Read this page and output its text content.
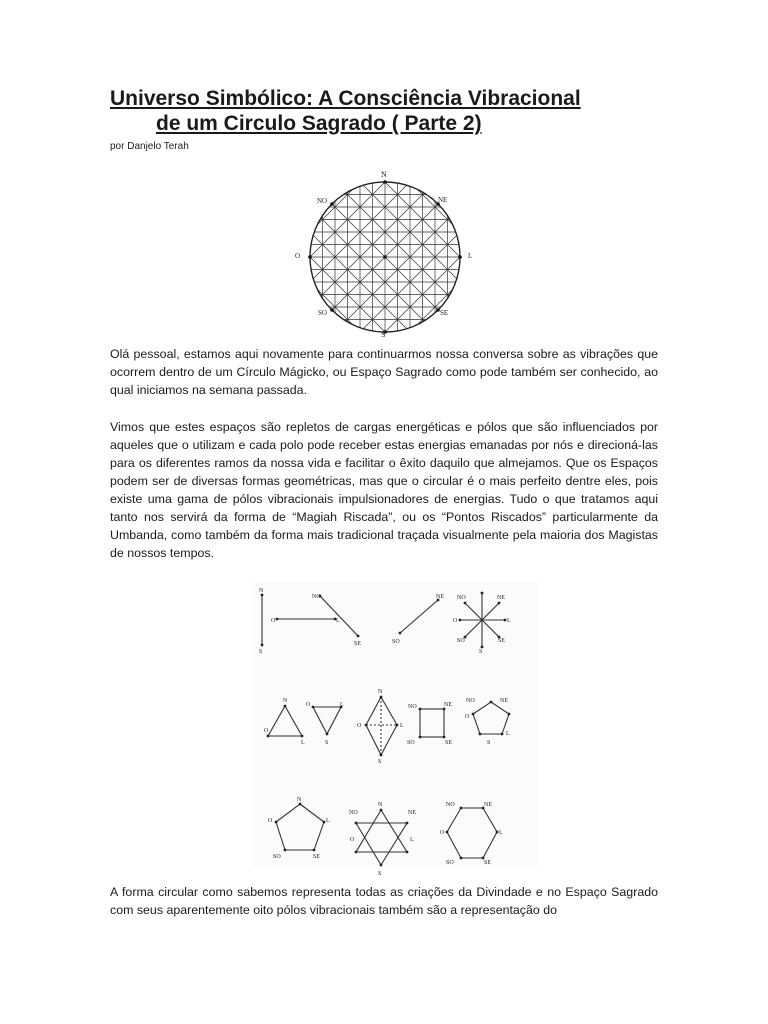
Universo Simbólico: A Consciência Vibracional
de um Circulo Sagrado ( Parte 2)
por Danjelo Terah
N
NE
NO
O	L
SO	SE
S

Olá pessoal, estamos aqui novamente para continuarmos nossa conversa sobre as vibrações que ocorrem dentro de um Círculo Mágicko, ou Espaço Sagrado como pode também ser conhecido, ao qual iniciamos na semana passada.

Vimos que estes espaços são repletos de cargas energéticas e pólos que são influenciados por aqueles que o utilizam e cada polo pode receber estas energias emanadas por nós e direcioná-las para os diferentes ramos da nossa vida e facilitar o êxito daquilo que almejamos. Que os Espaços podem ser de diversas formas geométricas, mas que o circular é o mais perfeito dentre eles, pois existe uma gama de pólos vibracionais impulsionadores de energias. Tudo o que tratamos aqui tanto nos servirá da forma de “Magiah Riscada”, ou os “Pontos Riscados” particularmente da Umbanda, como também da forma mais tradicional traçada visualmente pela maioria dos Magistas de nossos tempos.

N
S
O	L
NO
SE
NE
SO
NO	NE
O	L
SO	SE
S
N
O
L
O	L
S
N
O	L
S
NO	NE
SO	SE
NO	NE
O
L
S
N
O	L
SO	SE
NO	NE
O	L
S
N	NO	NE
O	L
SO	SE

A forma circular como sabemos representa todas as criações da Divindade e no Espaço Sagrado com seus aparentemente oito pólos vibracionais também são a representação do
